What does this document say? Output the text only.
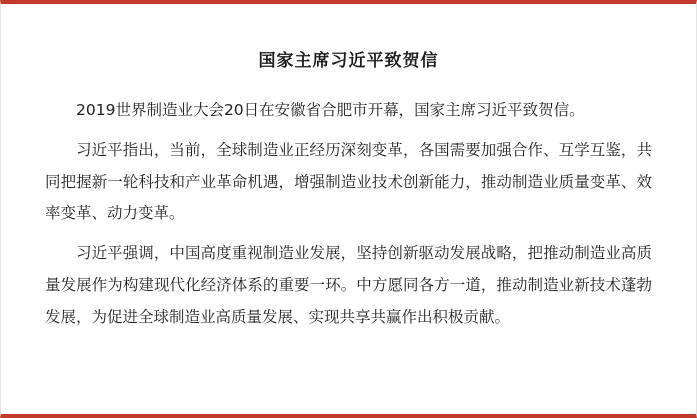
国家主席习近平致贺信

2019世界制造业大会20日在安徽省合肥市开幕，国家主席习近平致贺信。

习近平指出，当前，全球制造业正经历深刻变革，各国需要加强合作、互学互鉴，共同把握新一轮科技和产业革命机遇，增强制造业技术创新能力，推动制造业质量变革、效率变革、动力变革。

习近平强调，中国高度重视制造业发展，坚持创新驱动发展战略，把推动制造业高质量发展作为构建现代化经济体系的重要一环。中方愿同各方一道，推动制造业新技术蓬勃发展，为促进全球制造业高质量发展、实现共享共赢作出积极贡献。
